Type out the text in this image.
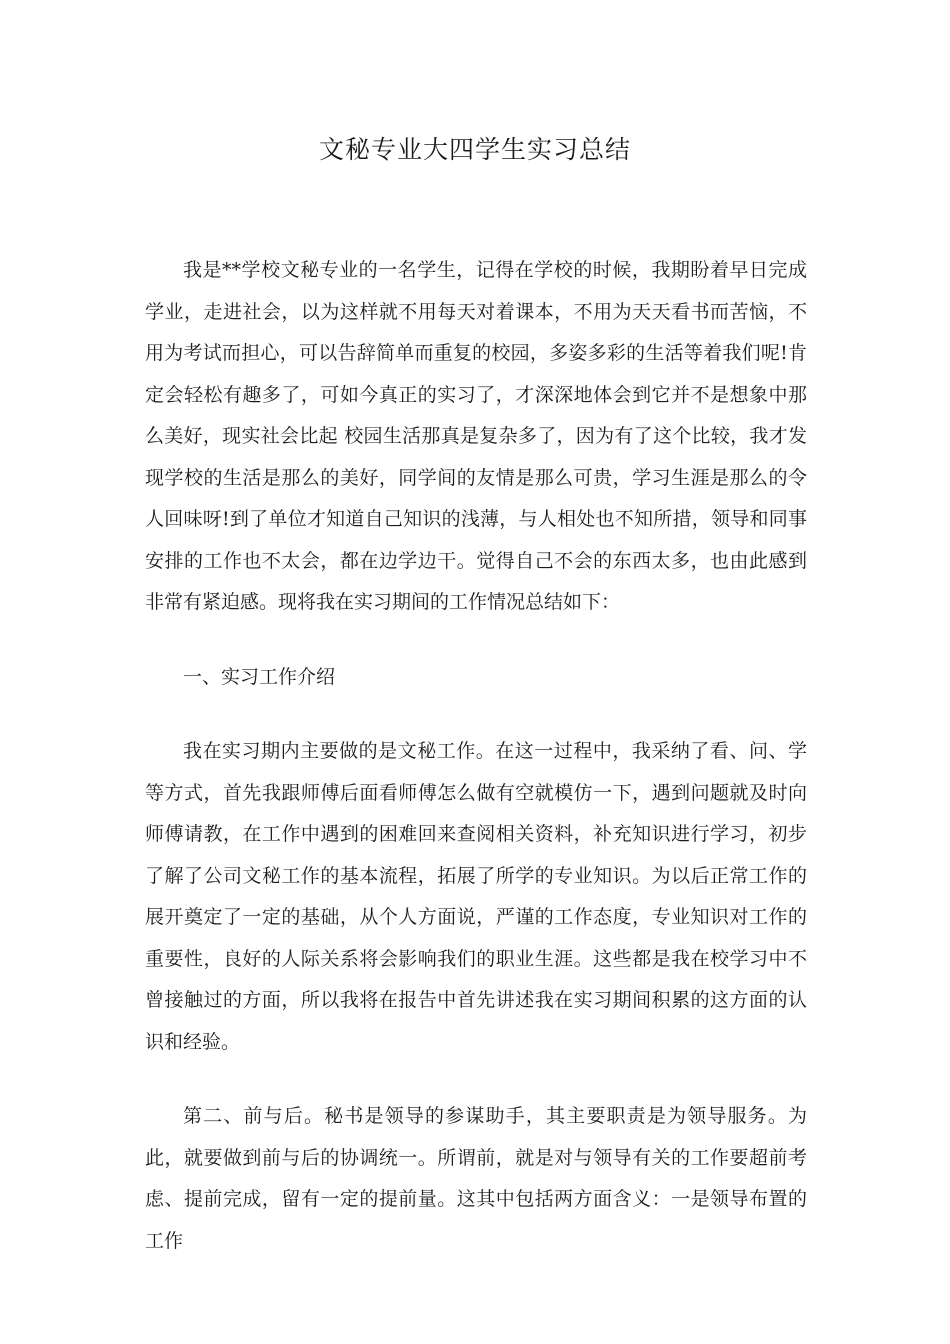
文秘专业大四学生实习总结

我是**学校文秘专业的一名学生，记得在学校的时候，我期盼着早日完成学业，走进社会，以为这样就不用每天对着课本，不用为天天看书而苦恼，不用为考试而担心，可以告辞简单而重复的校园，多姿多彩的生活等着我们呢!肯定会轻松有趣多了，可如今真正的实习了，才深深地体会到它并不是想象中那么美好，现实社会比起 校园生活那真是复杂多了，因为有了这个比较，我才发现学校的生活是那么的美好，同学间的友情是那么可贵，学习生涯是那么的令人回味呀!到了单位才知道自己知识的浅薄，与人相处也不知所措，领导和同事安排的工作也不太会，都在边学边干。觉得自己不会的东西太多，也由此感到非常有紧迫感。现将我在实习期间的工作情况总结如下：

一、实习工作介绍

我在实习期内主要做的是文秘工作。在这一过程中，我采纳了看、问、学等方式，首先我跟师傅后面看师傅怎么做有空就模仿一下，遇到问题就及时向师傅请教，在工作中遇到的困难回来查阅相关资料，补充知识进行学习，初步了解了公司文秘工作的基本流程，拓展了所学的专业知识。为以后正常工作的展开奠定了一定的基础，从个人方面说，严谨的工作态度，专业知识对工作的重要性，良好的人际关系将会影响我们的职业生涯。这些都是我在校学习中不曾接触过的方面，所以我将在报告中首先讲述我在实习期间积累的这方面的认识和经验。

第二、前与后。秘书是领导的参谋助手，其主要职责是为领导服务。为此，就要做到前与后的协调统一。所谓前，就是对与领导有关的工作要超前考虑、提前完成，留有一定的提前量。这其中包括两方面含义：一是领导布置的工作
